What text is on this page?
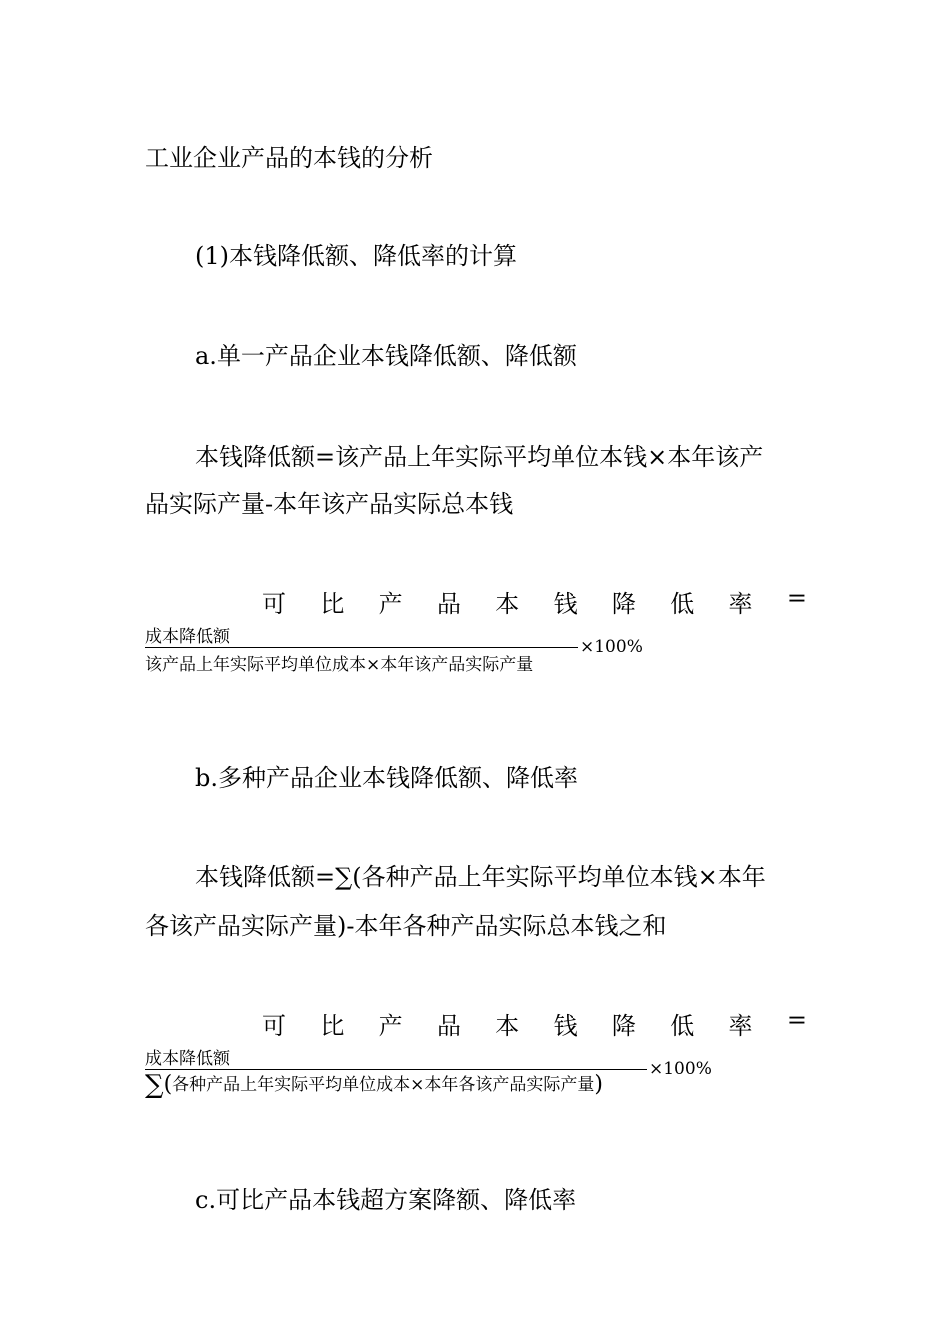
工业企业产品的本钱的分析
(1)本钱降低额、降低率的计算
a.单一产品企业本钱降低额、降低额
本钱降低额=该产品上年实际平均单位本钱×本年该产
品实际产量-本年该产品实际总本钱
可 比 产 品 本 钱 降 低 率 =
成本降低额
该产品上年实际平均单位成本×本年该产品实际产量
×100%
b.多种产品企业本钱降低额、降低率
本钱降低额=∑(各种产品上年实际平均单位本钱×本年
各该产品实际产量)-本年各种产品实际总本钱之和
可 比 产 品 本 钱 降 低 率 =
成本降低额
∑(各种产品上年实际平均单位成本×本年各该产品实际产量)
×100%
c.可比产品本钱超方案降额、降低率
